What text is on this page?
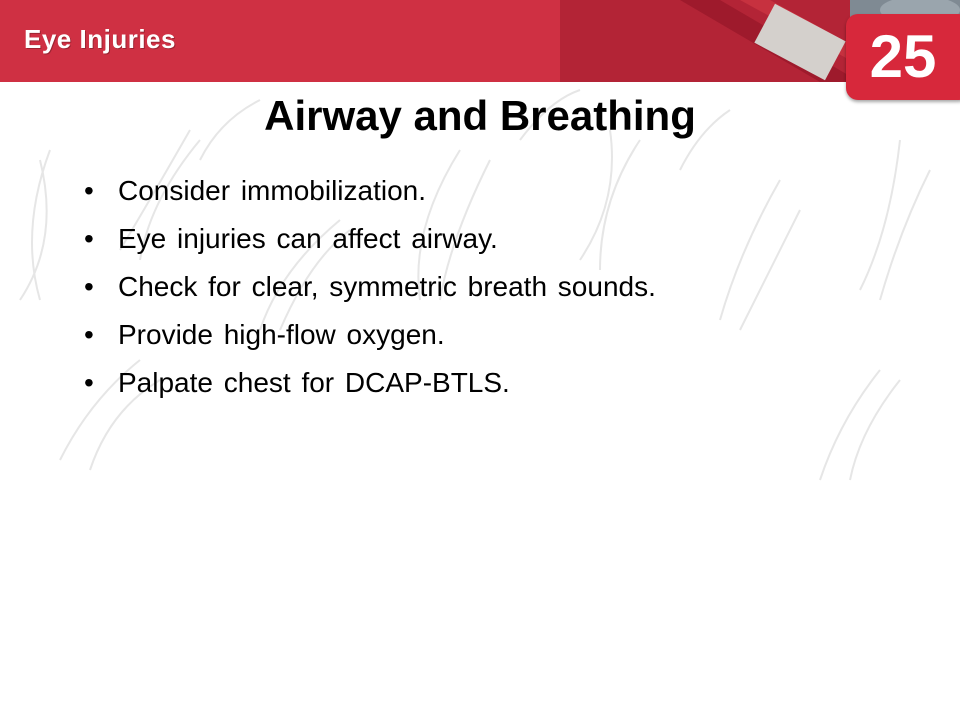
Eye Injuries	25
Airway and Breathing
• Consider immobilization.
• Eye injuries can affect airway.
• Check for clear, symmetric breath sounds.
• Provide high-flow oxygen.
• Palpate chest for DCAP-BTLS.
